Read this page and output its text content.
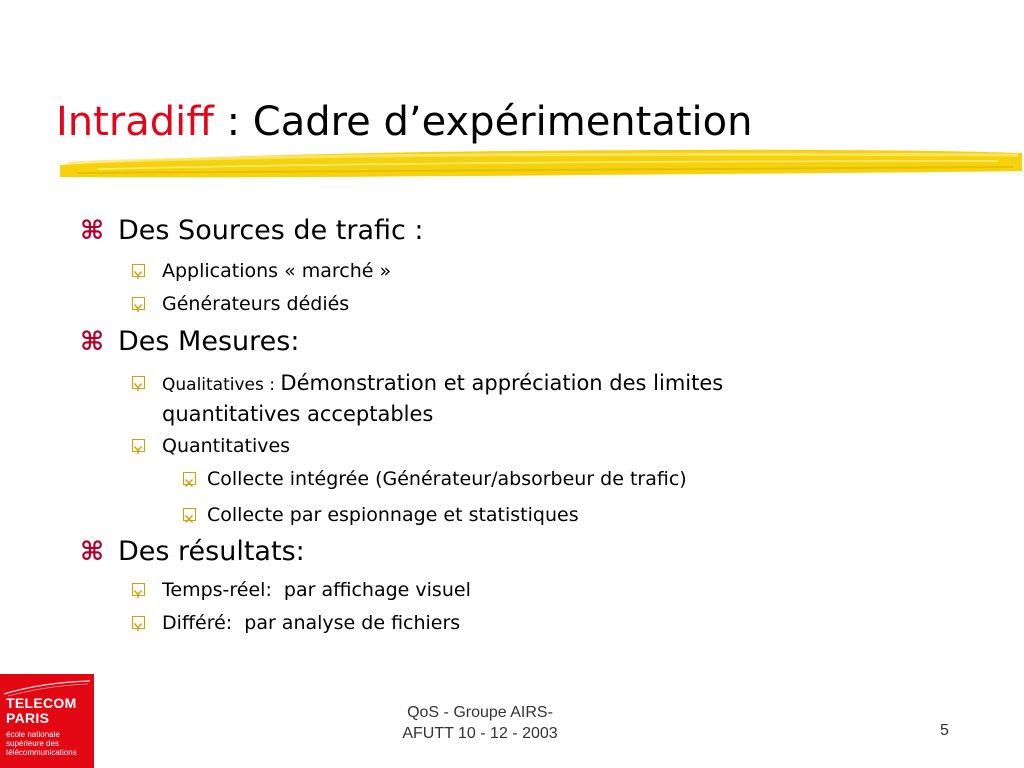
Intradiff : Cadre d’expérimentation
⌘ Des Sources de trafic :
Applications « marché »
Générateurs dédiés
⌘ Des Mesures:
Qualitatives : Démonstration et appréciation des limites
quantitatives acceptables
Quantitatives
Collecte intégrée (Générateur/absorbeur de trafic)
Collecte par espionnage et statistiques
⌘ Des résultats:
Temps-réel:  par affichage visuel
Différé:  par analyse de fichiers
TELECOM
PARIS
école nationale supérieure des télécommunications
QoS - Groupe AIRS-
AFUTT 10 - 12 - 2003	5
